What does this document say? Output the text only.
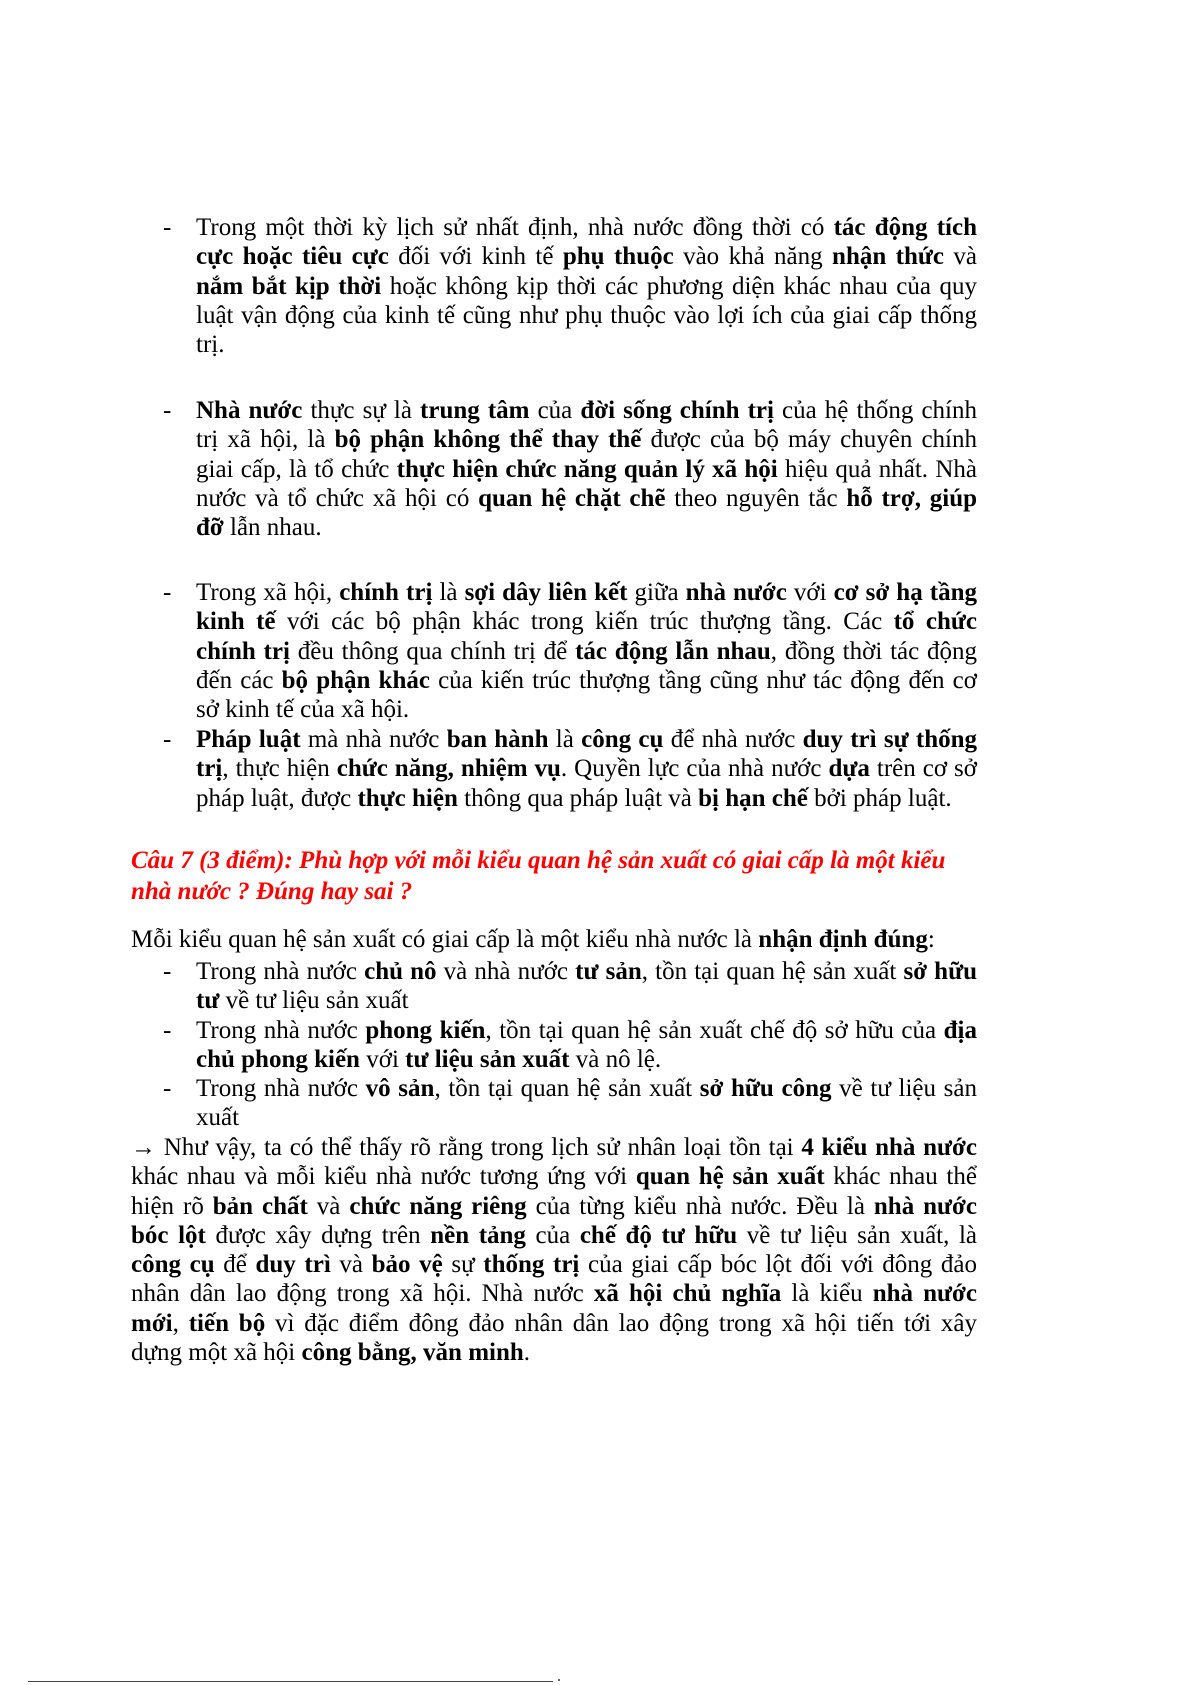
- Trong một thời kỳ lịch sử nhất định, nhà nước đồng thời có tác động tích
cực hoặc tiêu cực đối với kinh tế phụ thuộc vào khả năng nhận thức và
nắm bắt kịp thời hoặc không kịp thời các phương diện khác nhau của quy
luật vận động của kinh tế cũng như phụ thuộc vào lợi ích của giai cấp thống
trị.
- Nhà nước thực sự là trung tâm của đời sống chính trị của hệ thống chính
trị xã hội, là bộ phận không thể thay thế được của bộ máy chuyên chính
giai cấp, là tổ chức thực hiện chức năng quản lý xã hội hiệu quả nhất. Nhà
nước và tổ chức xã hội có quan hệ chặt chẽ theo nguyên tắc hỗ trợ, giúp
đỡ lẫn nhau.
- Trong xã hội, chính trị là sợi dây liên kết giữa nhà nước với cơ sở hạ tầng
kinh tế với các bộ phận khác trong kiến trúc thượng tầng. Các tổ chức
chính trị đều thông qua chính trị để tác động lẫn nhau, đồng thời tác động
đến các bộ phận khác của kiến trúc thượng tầng cũng như tác động đến cơ
sở kinh tế của xã hội.
- Pháp luật mà nhà nước ban hành là công cụ để nhà nước duy trì sự thống
trị, thực hiện chức năng, nhiệm vụ. Quyền lực của nhà nước dựa trên cơ sở
pháp luật, được thực hiện thông qua pháp luật và bị hạn chế bởi pháp luật.
Câu 7 (3 điểm): Phù hợp với mỗi kiểu quan hệ sản xuất có giai cấp là một kiểu
nhà nước ? Đúng hay sai ?
Mỗi kiểu quan hệ sản xuất có giai cấp là một kiểu nhà nước là nhận định đúng:
- Trong nhà nước chủ nô và nhà nước tư sản, tồn tại quan hệ sản xuất sở hữu
tư về tư liệu sản xuất
- Trong nhà nước phong kiến, tồn tại quan hệ sản xuất chế độ sở hữu của địa
chủ phong kiến với tư liệu sản xuất và nô lệ.
- Trong nhà nước vô sản, tồn tại quan hệ sản xuất sở hữu công về tư liệu sản
xuất
→ Như vậy, ta có thể thấy rõ rằng trong lịch sử nhân loại tồn tại 4 kiểu nhà nước
khác nhau và mỗi kiểu nhà nước tương ứng với quan hệ sản xuất khác nhau thể
hiện rõ bản chất và chức năng riêng của từng kiểu nhà nước. Đều là nhà nước
bóc lột được xây dựng trên nền tảng của chế độ tư hữu về tư liệu sản xuất, là
công cụ để duy trì và bảo vệ sự thống trị của giai cấp bóc lột đối với đông đảo
nhân dân lao động trong xã hội. Nhà nước xã hội chủ nghĩa là kiểu nhà nước
mới, tiến bộ vì đặc điểm đông đảo nhân dân lao động trong xã hội tiến tới xây
dựng một xã hội công bằng, văn minh.
